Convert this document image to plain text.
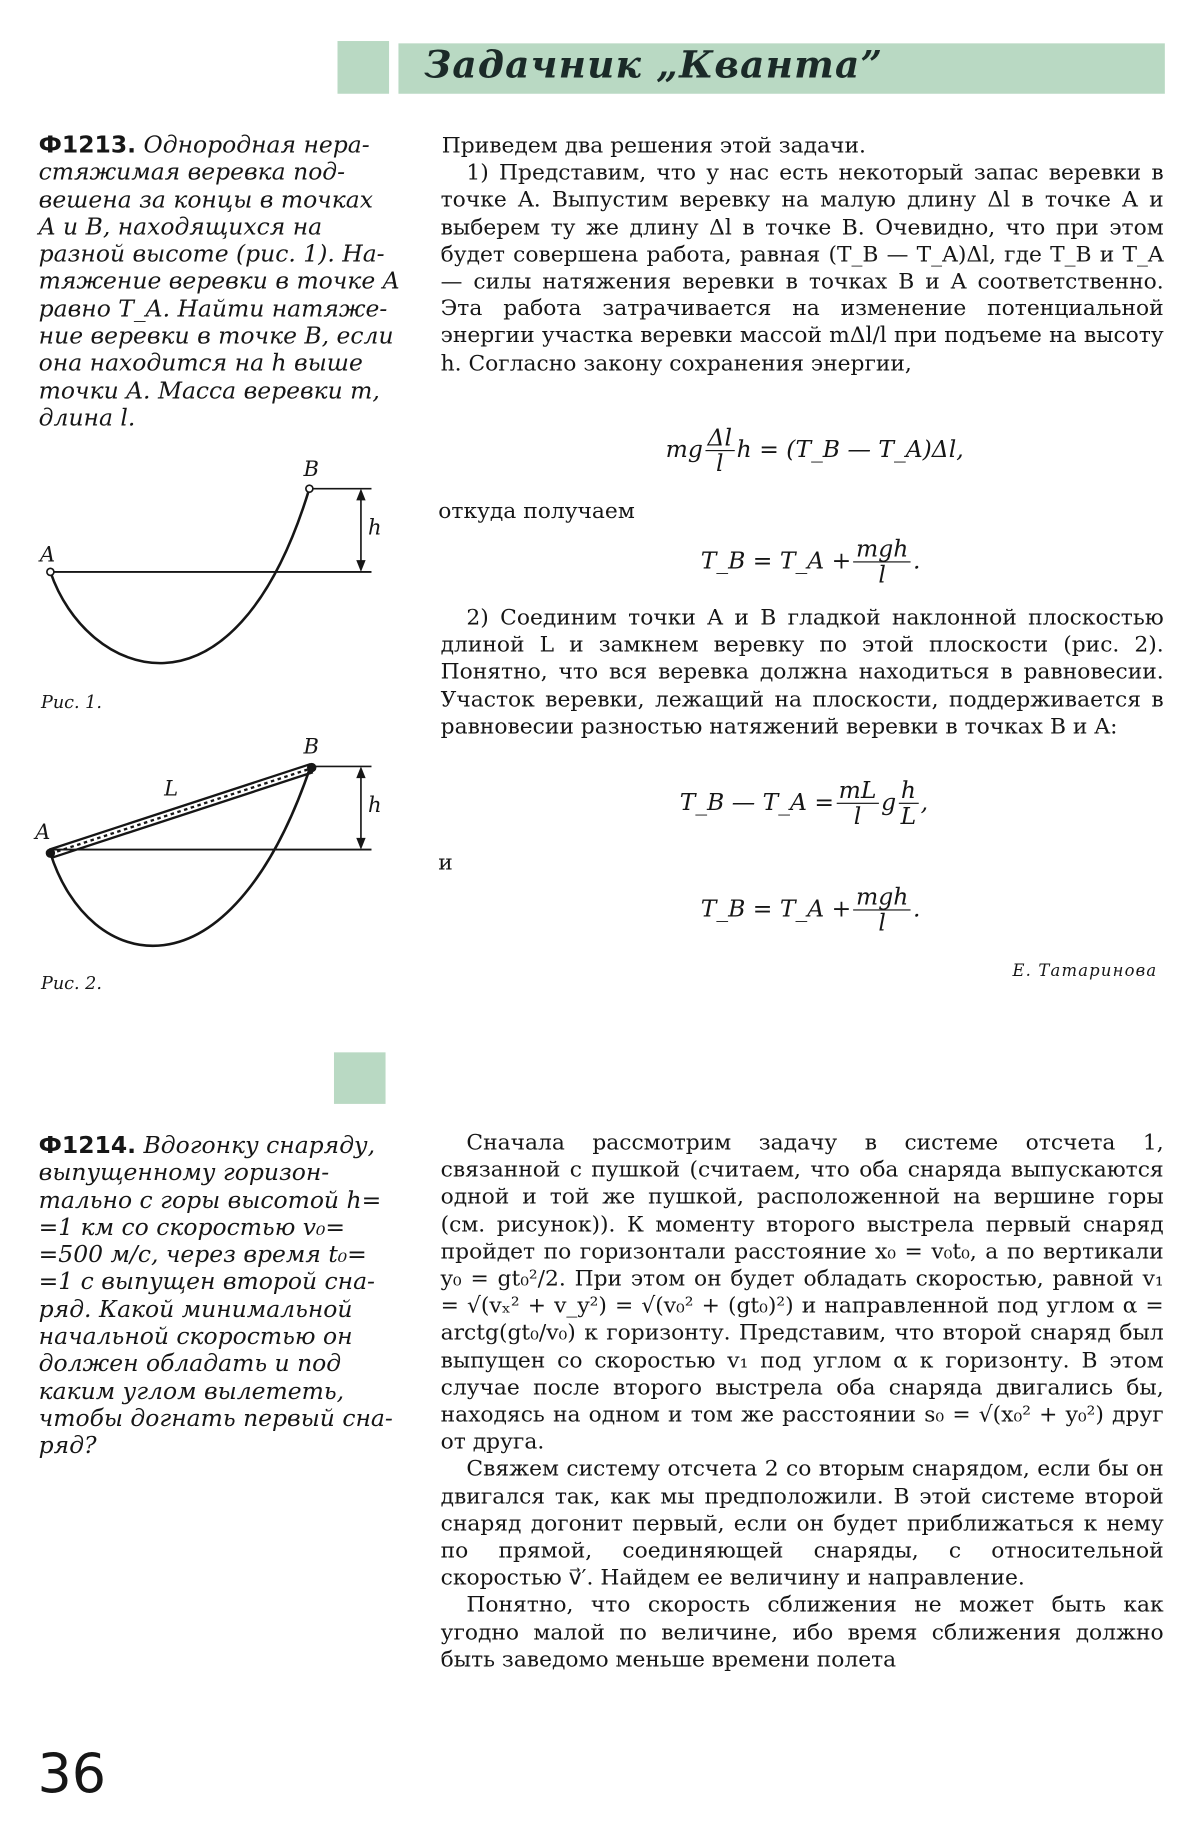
Задачник „Кванта”
Ф1213. Однородная нера-
стяжимая веревка под-
вешена за концы в точках
A и B, находящихся на
разной высоте (рис. 1). На-
тяжение веревки в точке A
равно T_A. Найти натяже-
ние веревки в точке B, если
она находится на h выше
точки A. Масса веревки m,
длина l.
A
B
h
Рис. 1.
A
B
L
h
Рис. 2.

Приведем два решения этой задачи.

1) Представим, что у нас есть некоторый запас веревки в точке A. Выпустим веревку на малую длину Δl в точке A и выберем ту же длину Δl в точке B. Очевидно, что при этом будет совершена работа, равная (T_B — T_A)Δl, где T_B и T_A — силы натяжения веревки в точках B и A соответственно. Эта работа затрачивается на изменение потенциальной энергии участка веревки массой mΔl/l при подъеме на высоту h. Согласно закону сохранения энергии,

mg $\frac{\Delta l}{l}$ h = (T_B — T_A)Δl,
откуда получаем
T_B = T_A + $\frac{\text{mgh}}{l}$ .

2) Соединим точки A и B гладкой наклонной плоскостью длиной L и замкнем веревку по этой плоскости (рис. 2). Понятно, что вся веревка должна находиться в равновесии. Участок веревки, лежащий на плоскости, поддерживается в равновесии разностью натяжений веревки в точках B и A:

T_B — T_A = $\frac{mL}{l}$ g $\frac{h}{L}$ ,
и
T_B = T_A + $\frac{\text{mgh}}{l}$ .
Е. Татаринова
Ф1214. Вдогонку снаряду,
выпущенному горизон-
тально с горы высотой h=
=1 км со скоростью v₀=
=500 м/с, через время t₀=
=1 с выпущен второй сна-
ряд. Какой минимальной
начальной скоростью он
должен обладать и под
каким углом вылететь,
чтобы догнать первый сна-
ряд?

Сначала рассмотрим задачу в системе отсчета 1, связанной с пушкой (считаем, что оба снаряда выпускаются одной и той же пушкой, расположенной на вершине горы (см. рисунок)). К моменту второго выстрела первый снаряд пройдет по горизонтали расстояние x₀ = v₀t₀, а по вертикали y₀ = gt₀²/2. При этом он будет обладать скоростью, равной v₁ = √(vₓ² + v_y²) = √(v₀² + (gt₀)²) и направленной под углом α = arctg(gt₀/v₀) к горизонту. Представим, что второй снаряд был выпущен со скоростью v₁ под углом α к горизонту. В этом случае после второго выстрела оба снаряда двигались бы, находясь на одном и том же расстоянии s₀ = √(x₀² + y₀²) друг от друга.

Свяжем систему отсчета 2 со вторым снарядом, если бы он двигался так, как мы предположили. В этой системе второй снаряд догонит первый, если он будет приближаться к нему по прямой, соединяющей снаряды, с относительной скоростью v⃗′. Найдем ее величину и направление.

Понятно, что скорость сближения не может быть как угодно малой по величине, ибо время сближения должно быть заведомо меньше времени полета

36
